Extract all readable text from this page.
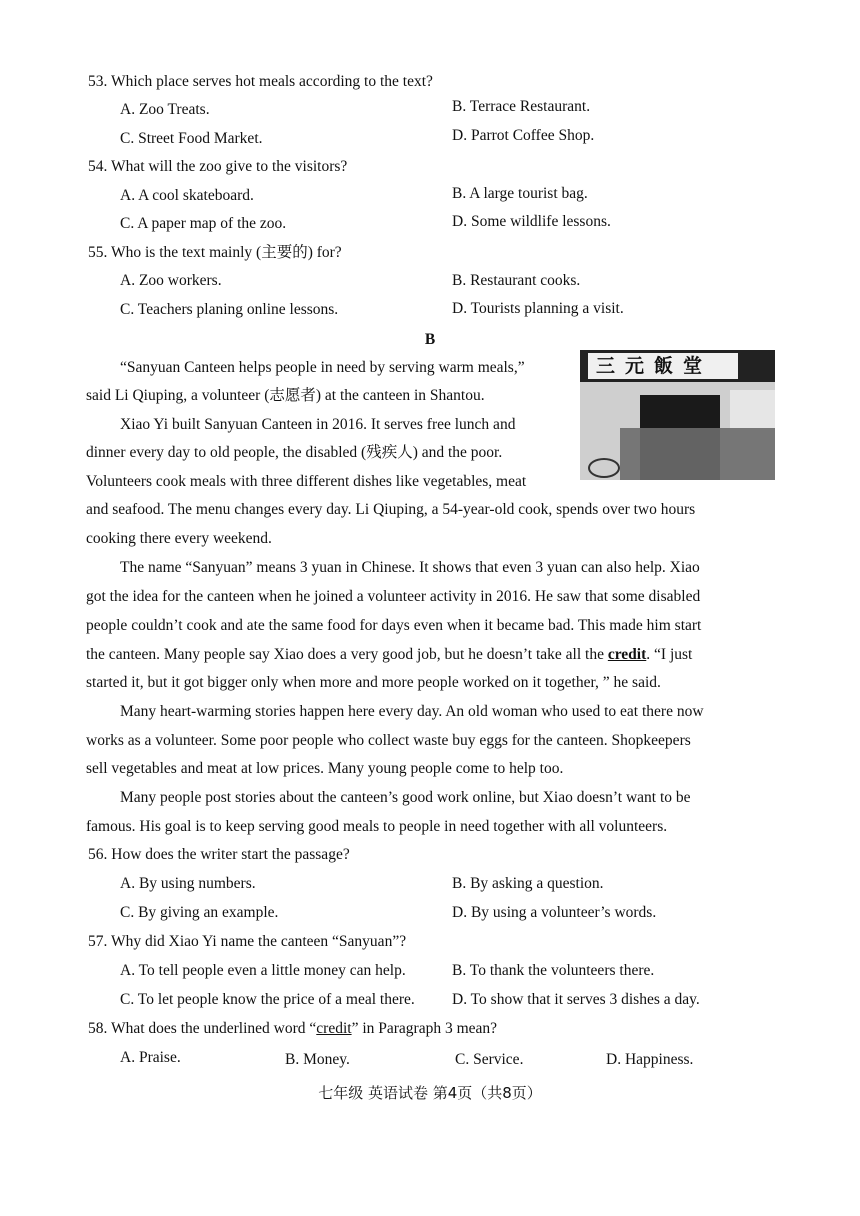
53. Which place serves hot meals according to the text?
A. Zoo Treats.	B. Terrace Restaurant.
C. Street Food Market.	D. Parrot Coffee Shop.
54. What will the zoo give to the visitors?
A. A cool skateboard.	B. A large tourist bag.
C. A paper map of the zoo.	D. Some wildlife lessons.
55. Who is the text mainly (主要的) for?
A. Zoo workers.	B. Restaurant cooks.
C. Teachers planing online lessons.	D. Tourists planning a visit.
B
三元飯堂
“Sanyuan Canteen helps people in need by serving warm meals,”
said Li Qiuping, a volunteer (志愿者) at the canteen in Shantou.
Xiao Yi built Sanyuan Canteen in 2016. It serves free lunch and
dinner every day to old people, the disabled (残疾人) and the poor.
Volunteers cook meals with three different dishes like vegetables, meat
and seafood. The menu changes every day. Li Qiuping, a 54-year-old cook, spends over two hours
cooking there every weekend.
The name “Sanyuan” means 3 yuan in Chinese. It shows that even 3 yuan can also help. Xiao
got the idea for the canteen when he joined a volunteer activity in 2016. He saw that some disabled
people couldn’t cook and ate the same food for days even when it became bad. This made him start
the canteen. Many people say Xiao does a very good job, but he doesn’t take all the credit. “I just
started it, but it got bigger only when more and more people worked on it together, ” he said.
Many heart-warming stories happen here every day. An old woman who used to eat there now
works as a volunteer. Some poor people who collect waste buy eggs for the canteen. Shopkeepers
sell vegetables and meat at low prices. Many young people come to help too.
Many people post stories about the canteen’s good work online, but Xiao doesn’t want to be
famous. His goal is to keep serving good meals to people in need together with all volunteers.
56. How does the writer start the passage?
A. By using numbers.	B. By asking a question.
C. By giving an example.	D. By using a volunteer’s words.
57. Why did Xiao Yi name the canteen “Sanyuan”?
A. To tell people even a little money can help.	B. To thank the volunteers there.
C. To let people know the price of a meal there. D. To show that it serves 3 dishes a day.
58. What does the underlined word “credit” in Paragraph 3 mean?
A. Praise.	B. Money.	C. Service.	D. Happiness.
七年级 英语试卷 第4页（共8页）
